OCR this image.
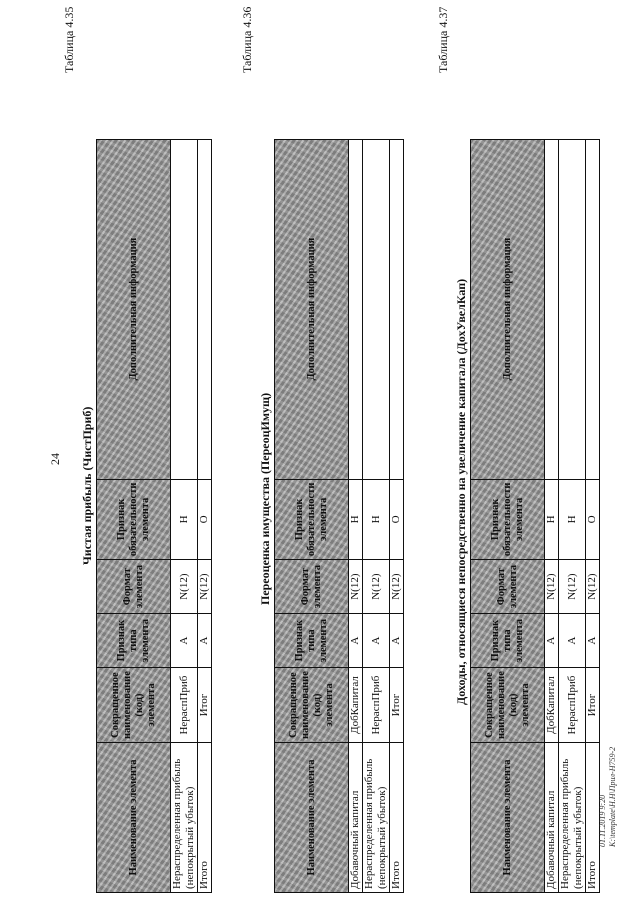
24
Таблица 4.35
Чистая прибыль (ЧистПриб)
Наименование элемента	Сокращенное наименование (код) элемента	Признак типа элемента	Формат элемента	Признак обязательности элемента	Дополнительная информация
Нераспределенная прибыль (непокрытый убыток)	НераспПриб	А	N(12)	Н	
Итого	Итог	А	N(12)	О	
Таблица 4.36
Переоценка имущества (ПереоцИмущ)
Наименование элемента	Сокращенное наименование (код) элемента	Признак типа элемента	Формат элемента	Признак обязательности элемента	Дополнительная информация
Добавочный капитал	ДобКапитал	А	N(12)	Н	
Нераспределенная прибыль (непокрытый убыток)	НераспПриб	А	N(12)	Н	
Итого	Итог	А	N(12)	О	
Таблица 4.37
Доходы, относящиеся непосредственно на увеличение капитала (ДохУвелКап)
Наименование элемента	Сокращенное наименование (код) элемента	Признак типа элемента	Формат элемента	Признак обязательности элемента	Дополнительная информация
Добавочный капитал	ДобКапитал	А	N(12)	Н	
Нераспределенная прибыль (непокрытый убыток)	НераспПриб	А	N(12)	Н	
Итого	Итог	А	N(12)	О	
01.11.2019 9:20 K:\template\Н.Н\Прил-Н759-2
